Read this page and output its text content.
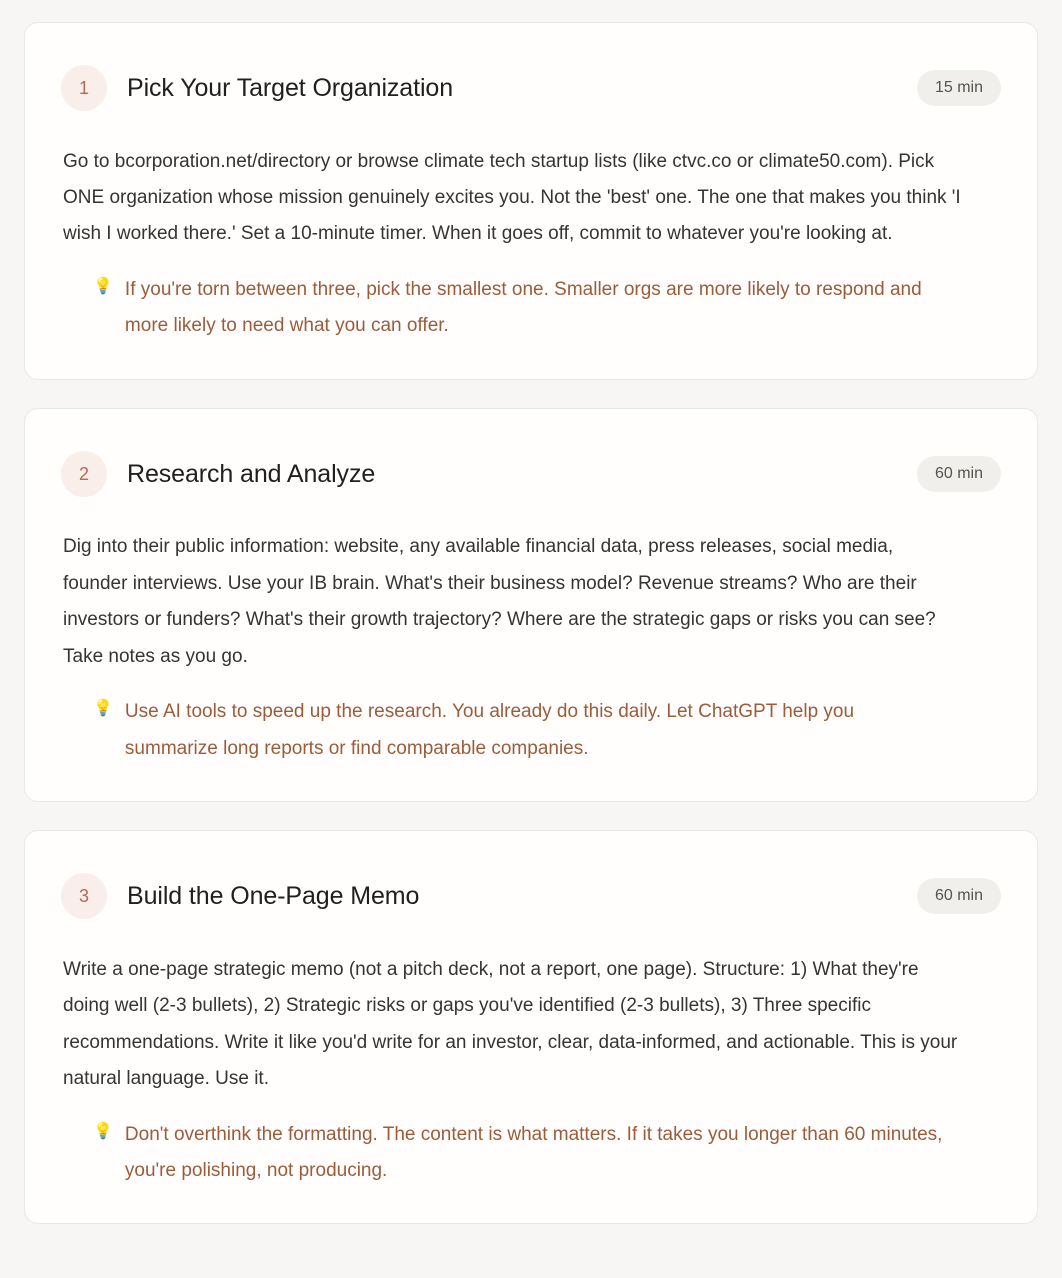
1	Pick Your Target Organization	15 min

Go to bcorporation.net/directory or browse climate tech startup lists (like ctvc.co or climate50.com). Pick ONE organization whose mission genuinely excites you. Not the 'best' one. The one that makes you think 'I wish I worked there.' Set a 10-minute timer. When it goes off, commit to whatever you're looking at.

💡 If you're torn between three, pick the smallest one. Smaller orgs are more likely to respond and more likely to need what you can offer.
2	Research and Analyze	60 min

Dig into their public information: website, any available financial data, press releases, social media, founder interviews. Use your IB brain. What's their business model? Revenue streams? Who are their investors or funders? What's their growth trajectory? Where are the strategic gaps or risks you can see? Take notes as you go.

💡 Use AI tools to speed up the research. You already do this daily. Let ChatGPT help you summarize long reports or find comparable companies.
3	Build the One-Page Memo	60 min

Write a one-page strategic memo (not a pitch deck, not a report, one page). Structure: 1) What they're doing well (2-3 bullets), 2) Strategic risks or gaps you've identified (2-3 bullets), 3) Three specific recommendations. Write it like you'd write for an investor, clear, data-informed, and actionable. This is your natural language. Use it.

💡 Don't overthink the formatting. The content is what matters. If it takes you longer than 60 minutes, you're polishing, not producing.
